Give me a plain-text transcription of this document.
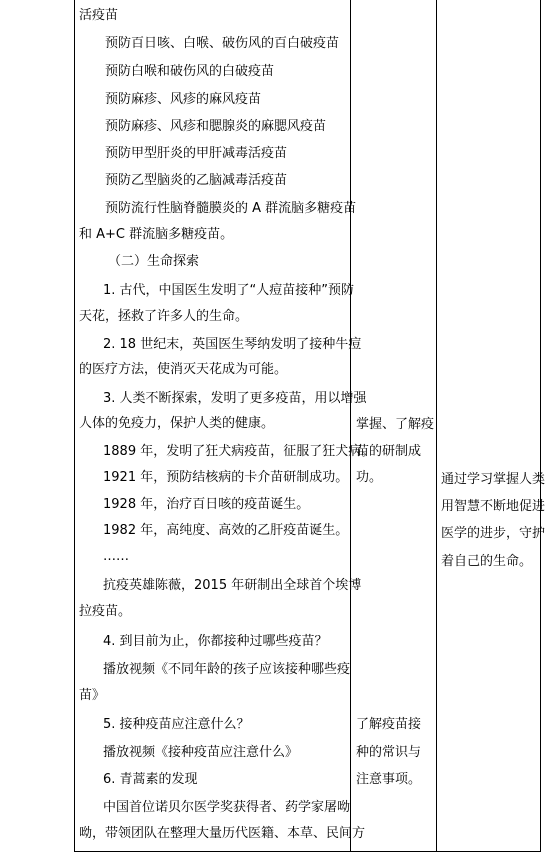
活疫苗
预防百日咳、白喉、破伤风的百白破疫苗
预防白喉和破伤风的白破疫苗
预防麻疹、风疹的麻风疫苗
预防麻疹、风疹和腮腺炎的麻腮风疫苗
预防甲型肝炎的甲肝减毒活疫苗
预防乙型脑炎的乙脑减毒活疫苗
预防流行性脑脊髓膜炎的 A 群流脑多糖疫苗
和 A+C 群流脑多糖疫苗。
（二）生命探索
1. 古代，中国医生发明了“人痘苗接种”预防
天花，拯救了许多人的生命。
2. 18 世纪末，英国医生琴纳发明了接种牛痘
的医疗方法，使消灭天花成为可能。
3. 人类不断探索，发明了更多疫苗，用以增强
人体的免疫力，保护人类的健康。
1889 年，发明了狂犬病疫苗，征服了狂犬病。
1921 年，预防结核病的卡介苗研制成功。
1928 年，治疗百日咳的疫苗诞生。
1982 年，高纯度、高效的乙肝疫苗诞生。
……
抗疫英雄陈薇，2015 年研制出全球首个埃博
拉疫苗。
4. 到目前为止，你都接种过哪些疫苗？
播放视频《不同年龄的孩子应该接种哪些疫
苗》
5. 接种疫苗应注意什么？
播放视频《接种疫苗应注意什么》
6. 青蒿素的发现
中国首位诺贝尔医学奖获得者、药学家屠呦
呦，带领团队在整理大量历代医籍、本草、民间方
掌握、了解疫
苗的研制成
功。
了解疫苗接
种的常识与
注意事项。
通过学习掌握人类
用智慧不断地促进
医学的进步，守护
着自己的生命。
